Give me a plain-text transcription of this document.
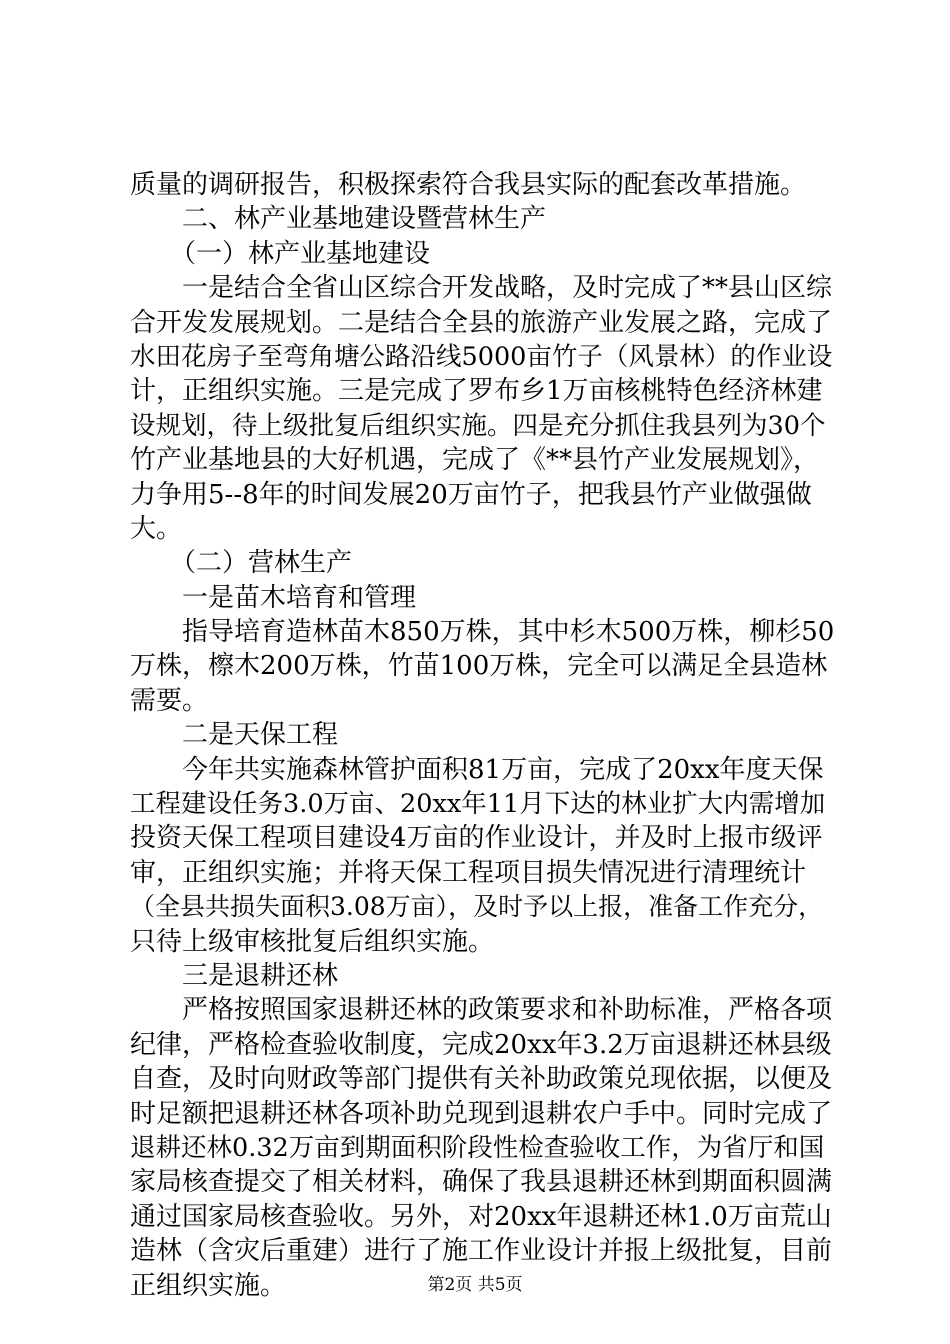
质量的调研报告，积极探索符合我县实际的配套改革措施。
二、林产业基地建设暨营林生产
（一）林产业基地建设
一是结合全省山区综合开发战略，及时完成了**县山区综
合开发发展规划。二是结合全县的旅游产业发展之路，完成了
水田花房子至弯角塘公路沿线5000亩竹子（风景林）的作业设
计，正组织实施。三是完成了罗布乡1万亩核桃特色经济林建
设规划，待上级批复后组织实施。四是充分抓住我县列为30个
竹产业基地县的大好机遇，完成了《**县竹产业发展规划》，
力争用5--8年的时间发展20万亩竹子，把我县竹产业做强做
大。
（二）营林生产
一是苗木培育和管理
指导培育造林苗木850万株，其中杉木500万株，柳杉50
万株，檫木200万株，竹苗100万株，完全可以满足全县造林
需要。
二是天保工程
今年共实施森林管护面积81万亩，完成了20xx年度天保
工程建设任务3.0万亩、20xx年11月下达的林业扩大内需增加
投资天保工程项目建设4万亩的作业设计，并及时上报市级评
审，正组织实施；并将天保工程项目损失情况进行清理统计
（全县共损失面积3.08万亩），及时予以上报，准备工作充分，
只待上级审核批复后组织实施。
三是退耕还林
严格按照国家退耕还林的政策要求和补助标准，严格各项
纪律，严格检查验收制度，完成20xx年3.2万亩退耕还林县级
自查，及时向财政等部门提供有关补助政策兑现依据，以便及
时足额把退耕还林各项补助兑现到退耕农户手中。同时完成了
退耕还林0.32万亩到期面积阶段性检查验收工作，为省厅和国
家局核查提交了相关材料，确保了我县退耕还林到期面积圆满
通过国家局核查验收。另外，对20xx年退耕还林1.0万亩荒山
造林（含灾后重建）进行了施工作业设计并报上级批复，目前
正组织实施。	第2页 共5页
